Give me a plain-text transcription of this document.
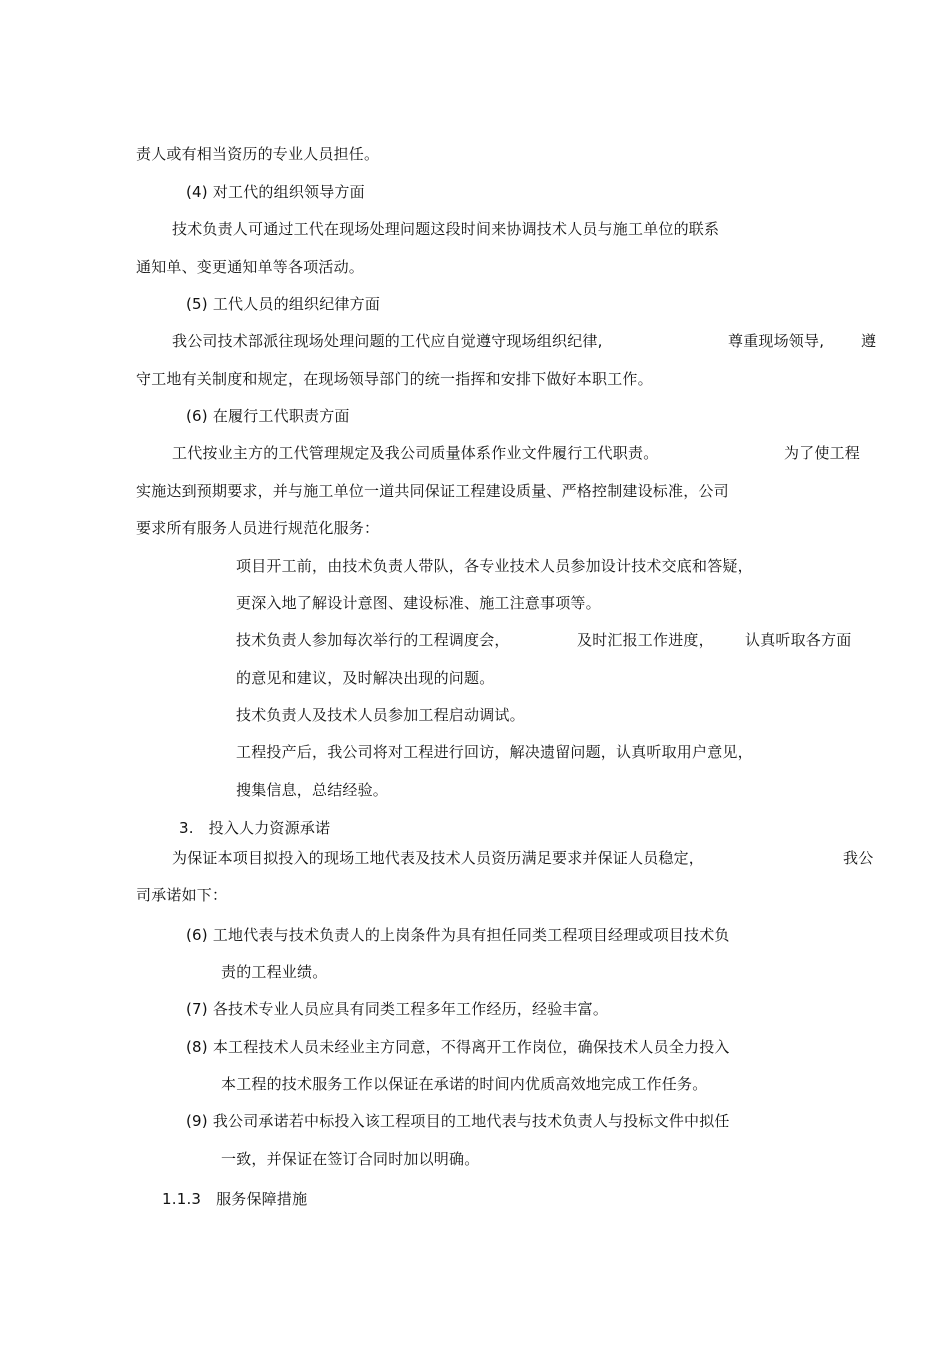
责人或有相当资历的专业人员担任。

(4) 对工代的组织领导方面

技术负责人可通过工代在现场处理问题这段时间来协调技术人员与施工单位的联系

通知单、变更通知单等各项活动。

(5) 工代人员的组织纪律方面

我公司技术部派往现场处理问题的工代应自觉遵守现场组织纪律,	尊重现场领导, 遵

守工地有关制度和规定，在现场领导部门的统一指挥和安排下做好本职工作。

(6) 在履行工代职责方面

工代按业主方的工代管理规定及我公司质量体系作业文件履行工代职责。	为了使工程

实施达到预期要求，并与施工单位一道共同保证工程建设质量、严格控制建设标准，公司

要求所有服务人员进行规范化服务：

项目开工前，由技术负责人带队，各专业技术人员参加设计技术交底和答疑，

更深入地了解设计意图、建设标准、施工注意事项等。

技术负责人参加每次举行的工程调度会，	及时汇报工作进度， 认真听取各方面

的意见和建议，及时解决出现的问题。

技术负责人及技术人员参加工程启动调试。

工程投产后，我公司将对工程进行回访，解决遗留问题，认真听取用户意见，

搜集信息，总结经验。

3.   投入人力资源承诺

为保证本项目拟投入的现场工地代表及技术人员资历满足要求并保证人员稳定，	我公

司承诺如下：

(6) 工地代表与技术负责人的上岗条件为具有担任同类工程项目经理或项目技术负

责的工程业绩。

(7) 各技术专业人员应具有同类工程多年工作经历，经验丰富。

(8) 本工程技术人员未经业主方同意，不得离开工作岗位，确保技术人员全力投入

本工程的技术服务工作以保证在承诺的时间内优质高效地完成工作任务。

(9) 我公司承诺若中标投入该工程项目的工地代表与技术负责人与投标文件中拟任

一致，并保证在签订合同时加以明确。

1.1.3   服务保障措施
